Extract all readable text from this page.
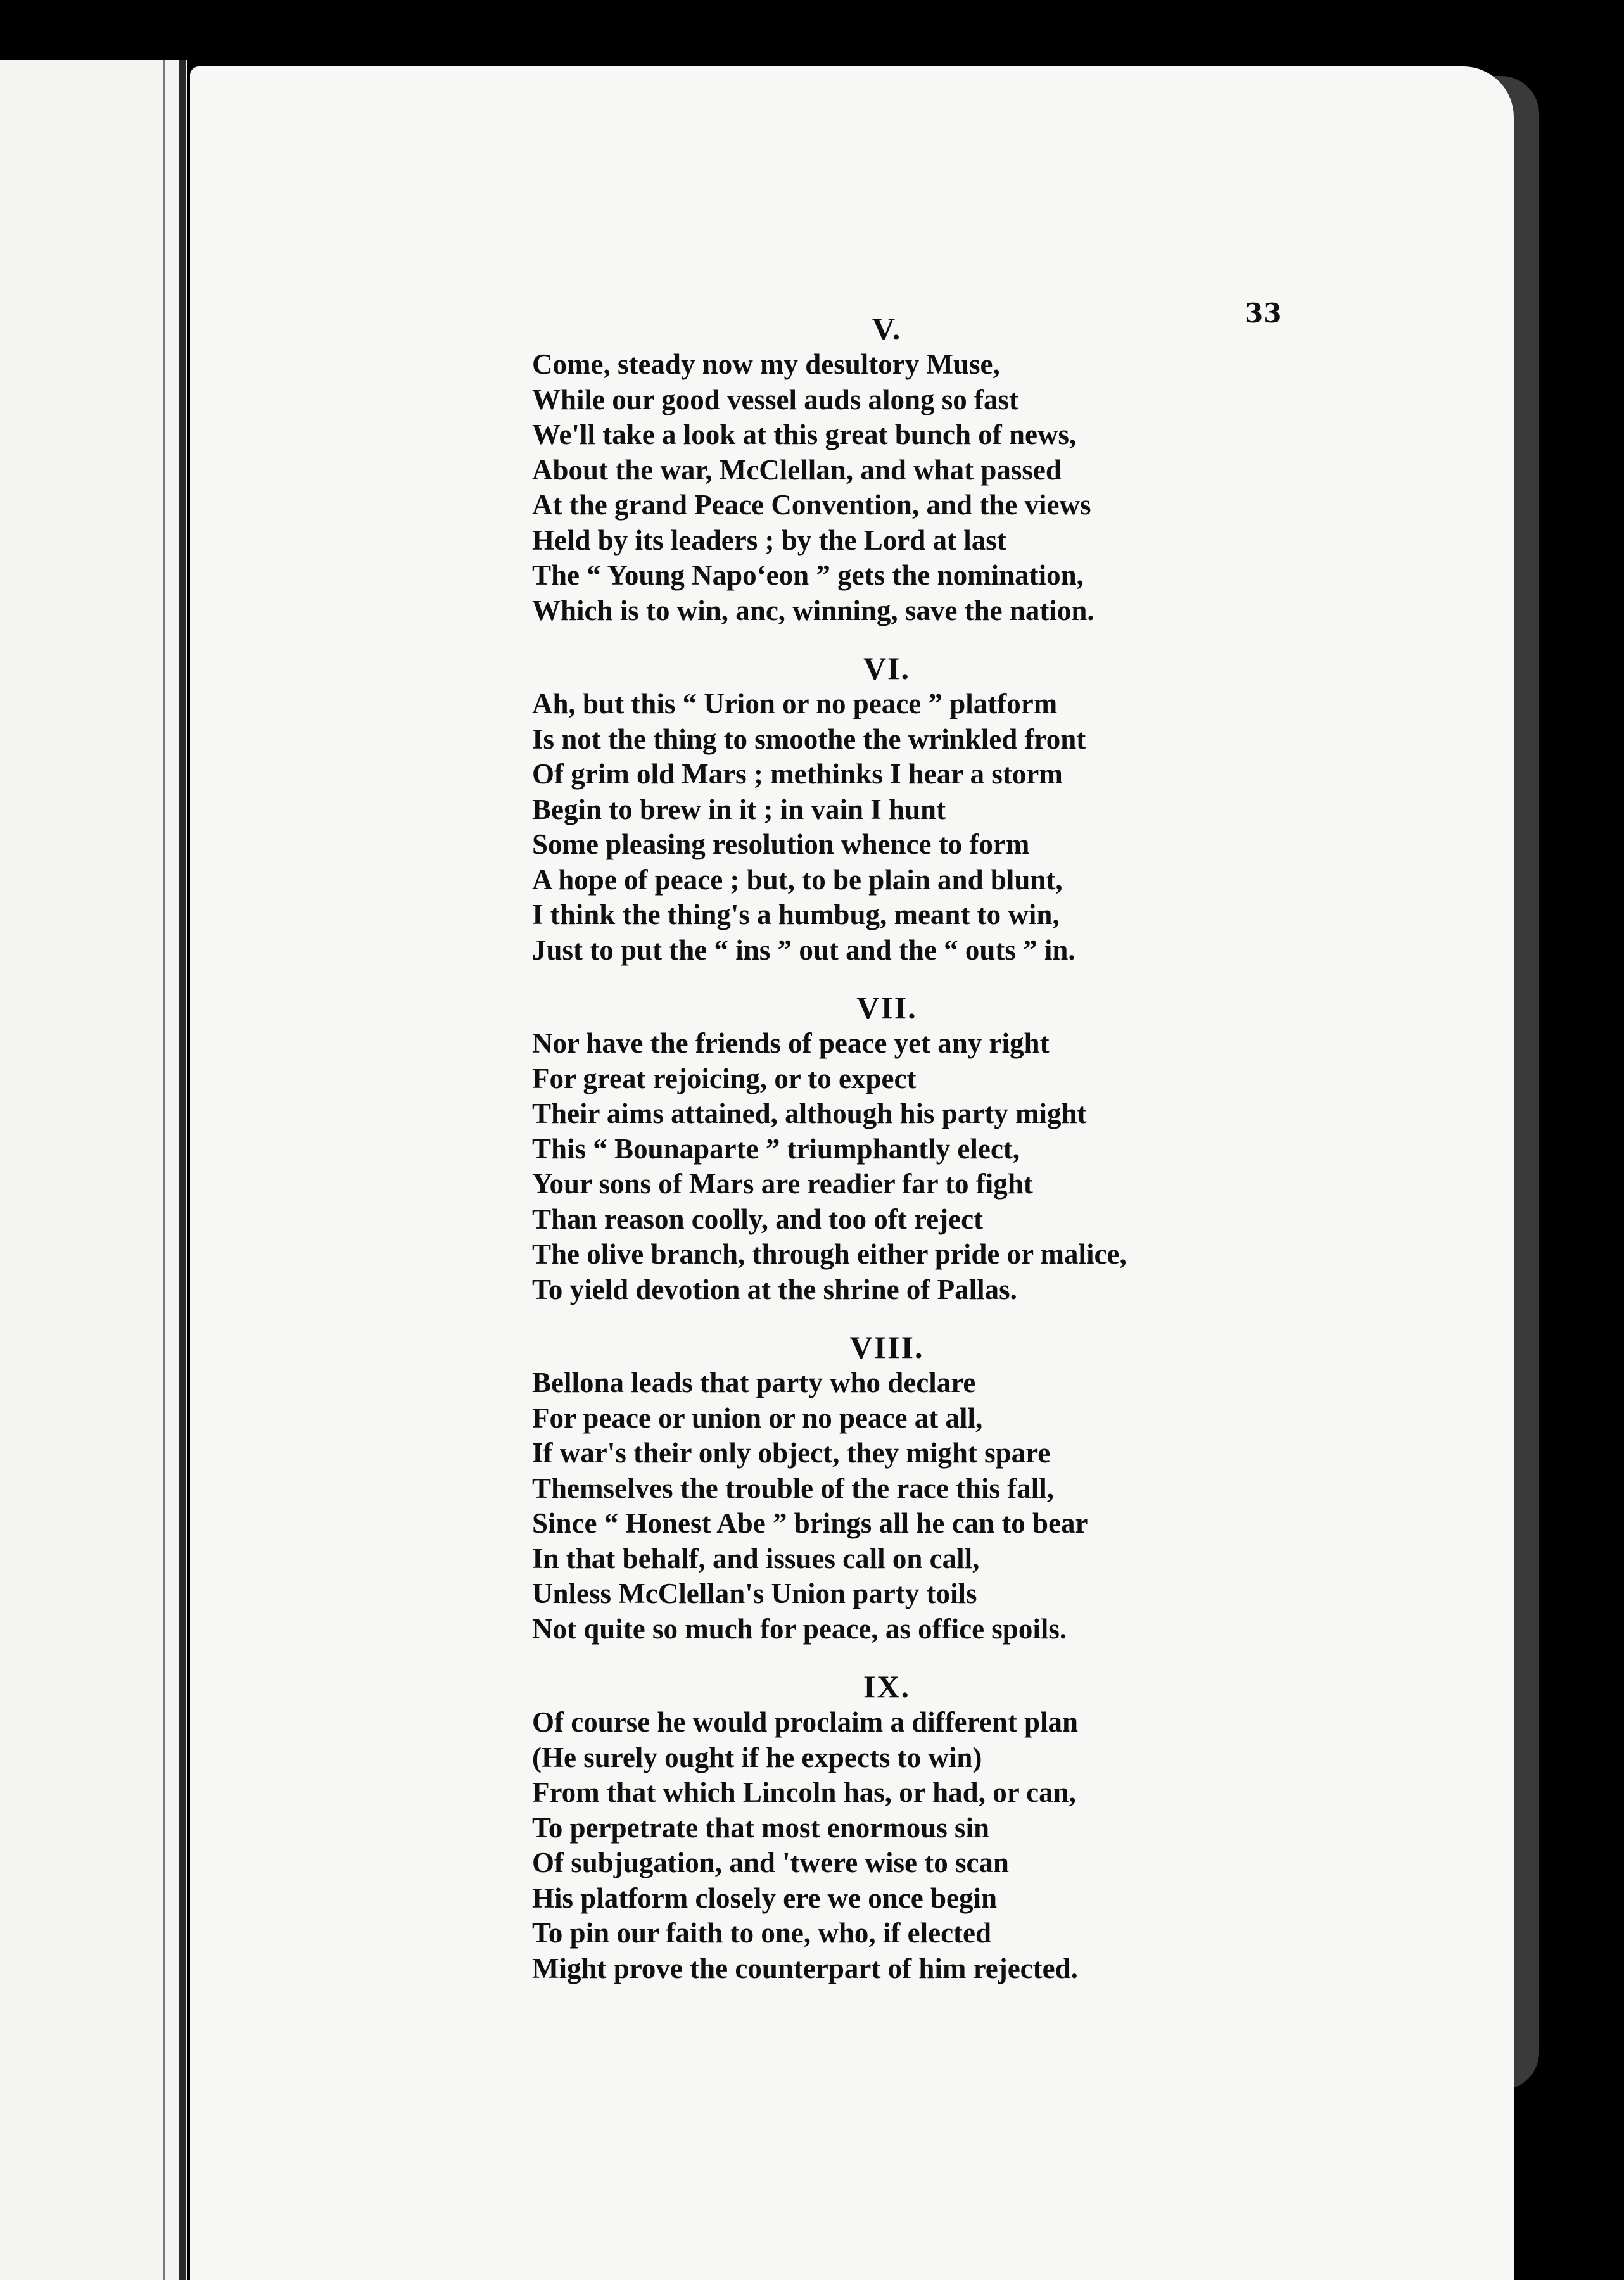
33

V.

Come, steady now my desultory Muse,

While our good vessel auds along so fast

We'll take a look at this great bunch of news,

About the war, McClellan, and what passed

At the grand Peace Convention, and the views

Held by its leaders ; by the Lord at last

The “ Young Napoʻeon ” gets the nomination,

Which is to win, anc, winning, save the nation.

VI.

Ah, but this “ Urion or no peace ” platform

Is not the thing to smoothe the wrinkled front

Of grim old Mars ; methinks I hear a storm

Begin to brew in it ; in vain I hunt

Some pleasing resolution whence to form

A hope of peace ; but, to be plain and blunt,

I think the thing's a humbug, meant to win,

Just to put the “ ins ” out and the “ outs ” in.

VII.

Nor have the friends of peace yet any right

For great rejoicing, or to expect

Their aims attained, although his party might

This “ Bounaparte ” triumphantly elect,

Your sons of Mars are readier far to fight

Than reason coolly, and too oft reject

The olive branch, through either pride or malice,

To yield devotion at the shrine of Pallas.

VIII.

Bellona leads that party who declare

For peace or union or no peace at all,

If war's their only object, they might spare

Themselves the trouble of the race this fall,

Since “ Honest Abe ” brings all he can to bear

In that behalf, and issues call on call,

Unless McClellan's Union party toils

Not quite so much for peace, as office spoils.

IX.

Of course he would proclaim a different plan

(He surely ought if he expects to win)

From that which Lincoln has, or had, or can,

To perpetrate that most enormous sin

Of subjugation, and 'twere wise to scan

His platform closely ere we once begin

To pin our faith to one, who, if elected

Might prove the counterpart of him rejected.
